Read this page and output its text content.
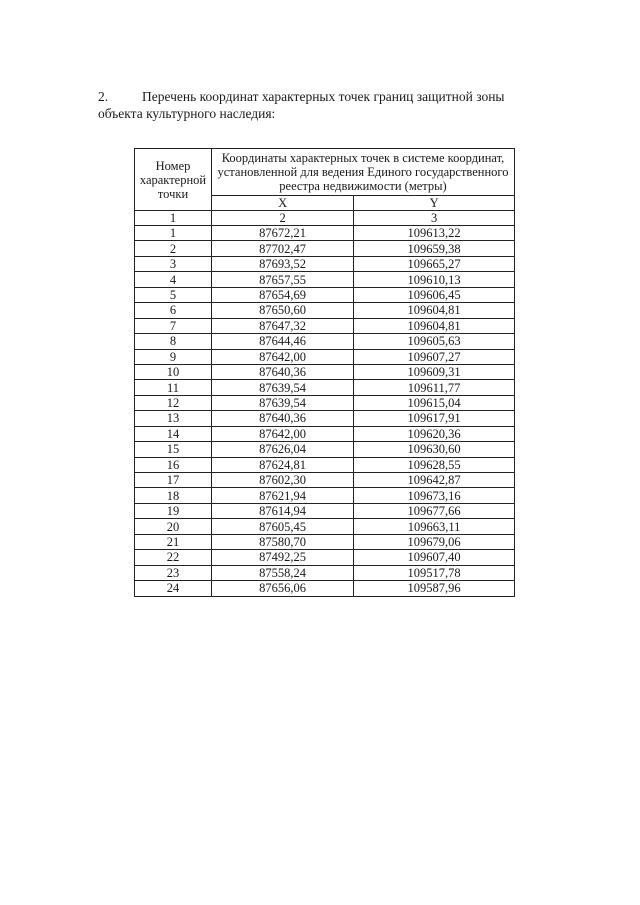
2.	Перечень координат характерных точек границ защитной зоны объекта культурного наследия:
Номер характерной точки	Координаты характерных точек в системе координат, установленной для ведения Единого государственного реестра недвижимости (метры)	
	X	Y
1	2	3
1	87672,21	109613,22
2	87702,47	109659,38
3	87693,52	109665,27
4	87657,55	109610,13
5	87654,69	109606,45
6	87650,60	109604,81
7	87647,32	109604,81
8	87644,46	109605,63
9	87642,00	109607,27
10	87640,36	109609,31
11	87639,54	109611,77
12	87639,54	109615,04
13	87640,36	109617,91
14	87642,00	109620,36
15	87626,04	109630,60
16	87624,81	109628,55
17	87602,30	109642,87
18	87621,94	109673,16
19	87614,94	109677,66
20	87605,45	109663,11
21	87580,70	109679,06
22	87492,25	109607,40
23	87558,24	109517,78
24	87656,06	109587,96
